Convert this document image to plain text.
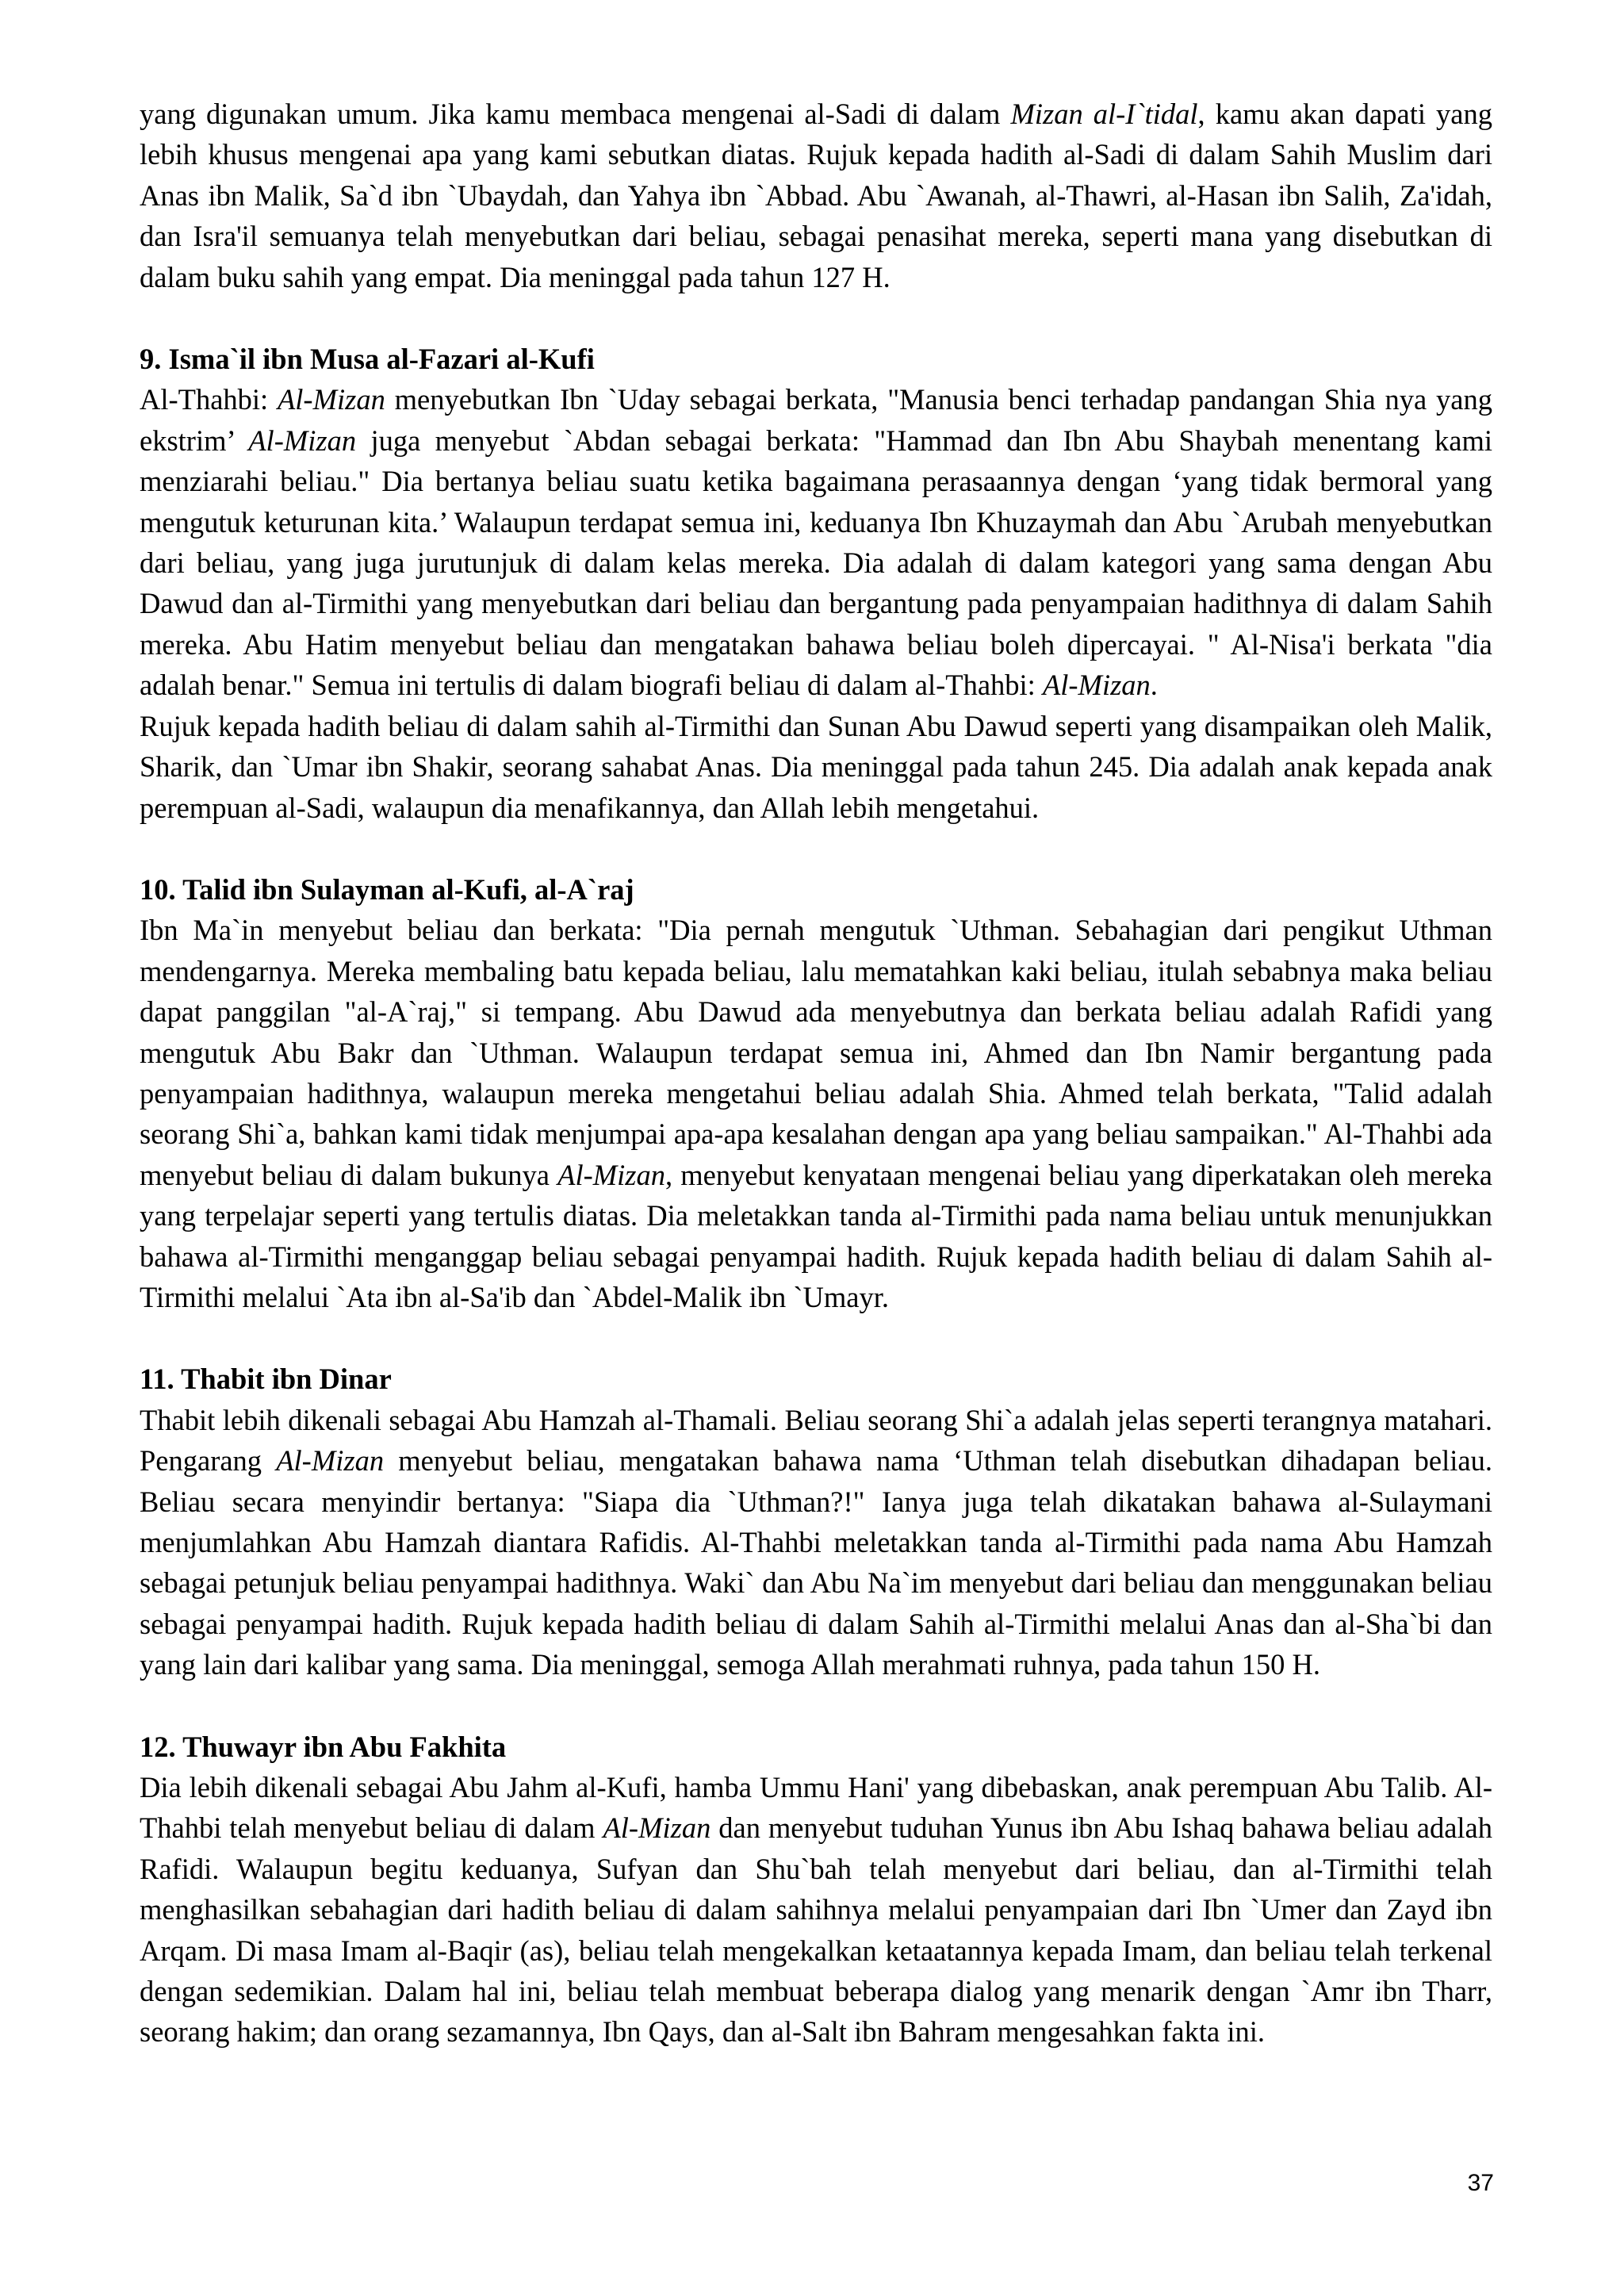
yang digunakan umum. Jika kamu membaca mengenai al-Sadi di dalam Mizan al-I`tidal, kamu akan dapati yang lebih khusus mengenai apa yang kami sebutkan diatas. Rujuk kepada hadith al-Sadi di dalam Sahih Muslim dari Anas ibn Malik, Sa`d ibn `Ubaydah, dan Yahya ibn `Abbad. Abu `Awanah, al-Thawri, al-Hasan ibn Salih, Za'idah, dan Isra'il semuanya telah menyebutkan dari beliau, sebagai penasihat mereka, seperti mana yang disebutkan di dalam buku sahih yang empat. Dia meninggal pada tahun 127 H.

9. Isma`il ibn Musa al-Fazari al-Kufi

Al-Thahbi: Al-Mizan menyebutkan Ibn `Uday sebagai berkata, "Manusia benci terhadap pandangan Shia nya yang ekstrim’ Al-Mizan juga menyebut `Abdan sebagai berkata: "Hammad dan Ibn Abu Shaybah menentang kami menziarahi beliau." Dia bertanya beliau suatu ketika bagaimana perasaannya dengan ‘yang tidak bermoral yang mengutuk keturunan kita.’ Walaupun terdapat semua ini, keduanya Ibn Khuzaymah dan Abu `Arubah menyebutkan dari beliau, yang juga jurutunjuk di dalam kelas mereka. Dia adalah di dalam kategori yang sama dengan Abu Dawud dan al-Tirmithi yang menyebutkan dari beliau dan bergantung pada penyampaian hadithnya di dalam Sahih mereka. Abu Hatim menyebut beliau dan mengatakan bahawa beliau boleh dipercayai. " Al-Nisa'i berkata "dia adalah benar." Semua ini tertulis di dalam biografi beliau di dalam al-Thahbi: Al-Mizan.

Rujuk kepada hadith beliau di dalam sahih al-Tirmithi dan Sunan Abu Dawud seperti yang disampaikan oleh Malik, Sharik, dan `Umar ibn Shakir, seorang sahabat Anas. Dia meninggal pada tahun 245. Dia adalah anak kepada anak perempuan al-Sadi, walaupun dia menafikannya, dan Allah lebih mengetahui.

10. Talid ibn Sulayman al-Kufi, al-A`raj

Ibn Ma`in menyebut beliau dan berkata: "Dia pernah mengutuk `Uthman. Sebahagian dari pengikut Uthman mendengarnya. Mereka membaling batu kepada beliau, lalu mematahkan kaki beliau, itulah sebabnya maka beliau dapat panggilan "al-A`raj," si tempang. Abu Dawud ada menyebutnya dan berkata beliau adalah Rafidi yang mengutuk Abu Bakr dan `Uthman. Walaupun terdapat semua ini, Ahmed dan Ibn Namir bergantung pada penyampaian hadithnya, walaupun mereka mengetahui beliau adalah Shia. Ahmed telah berkata, "Talid adalah seorang Shi`a, bahkan kami tidak menjumpai apa-apa kesalahan dengan apa yang beliau sampaikan." Al-Thahbi ada menyebut beliau di dalam bukunya Al-Mizan, menyebut kenyataan mengenai beliau yang diperkatakan oleh mereka yang terpelajar seperti yang tertulis diatas. Dia meletakkan tanda al-Tirmithi pada nama beliau untuk menunjukkan bahawa al-Tirmithi menganggap beliau sebagai penyampai hadith. Rujuk kepada hadith beliau di dalam Sahih al-Tirmithi melalui `Ata ibn al-Sa'ib dan `Abdel-Malik ibn `Umayr.

11. Thabit ibn Dinar

Thabit lebih dikenali sebagai Abu Hamzah al-Thamali. Beliau seorang Shi`a adalah jelas seperti terangnya matahari. Pengarang Al-Mizan menyebut beliau, mengatakan bahawa nama ‘Uthman telah disebutkan dihadapan beliau. Beliau secara menyindir bertanya: "Siapa dia `Uthman?!" Ianya juga telah dikatakan bahawa al-Sulaymani menjumlahkan Abu Hamzah diantara Rafidis. Al-Thahbi meletakkan tanda al-Tirmithi pada nama Abu Hamzah sebagai petunjuk beliau penyampai hadithnya. Waki` dan Abu Na`im menyebut dari beliau dan menggunakan beliau sebagai penyampai hadith. Rujuk kepada hadith beliau di dalam Sahih al-Tirmithi melalui Anas dan al-Sha`bi dan yang lain dari kalibar yang sama. Dia meninggal, semoga Allah merahmati ruhnya, pada tahun 150 H.

12. Thuwayr ibn Abu Fakhita

Dia lebih dikenali sebagai Abu Jahm al-Kufi, hamba Ummu Hani' yang dibebaskan, anak perempuan Abu Talib. Al-Thahbi telah menyebut beliau di dalam Al-Mizan dan menyebut tuduhan Yunus ibn Abu Ishaq bahawa beliau adalah Rafidi. Walaupun begitu keduanya, Sufyan dan Shu`bah telah menyebut dari beliau, dan al-Tirmithi telah menghasilkan sebahagian dari hadith beliau di dalam sahihnya melalui penyampaian dari Ibn `Umer dan Zayd ibn Arqam. Di masa Imam al-Baqir (as), beliau telah mengekalkan ketaatannya kepada Imam, dan beliau telah terkenal dengan sedemikian. Dalam hal ini, beliau telah membuat beberapa dialog yang menarik dengan `Amr ibn Tharr, seorang hakim; dan orang sezamannya, Ibn Qays, dan al-Salt ibn Bahram mengesahkan fakta ini.

37
